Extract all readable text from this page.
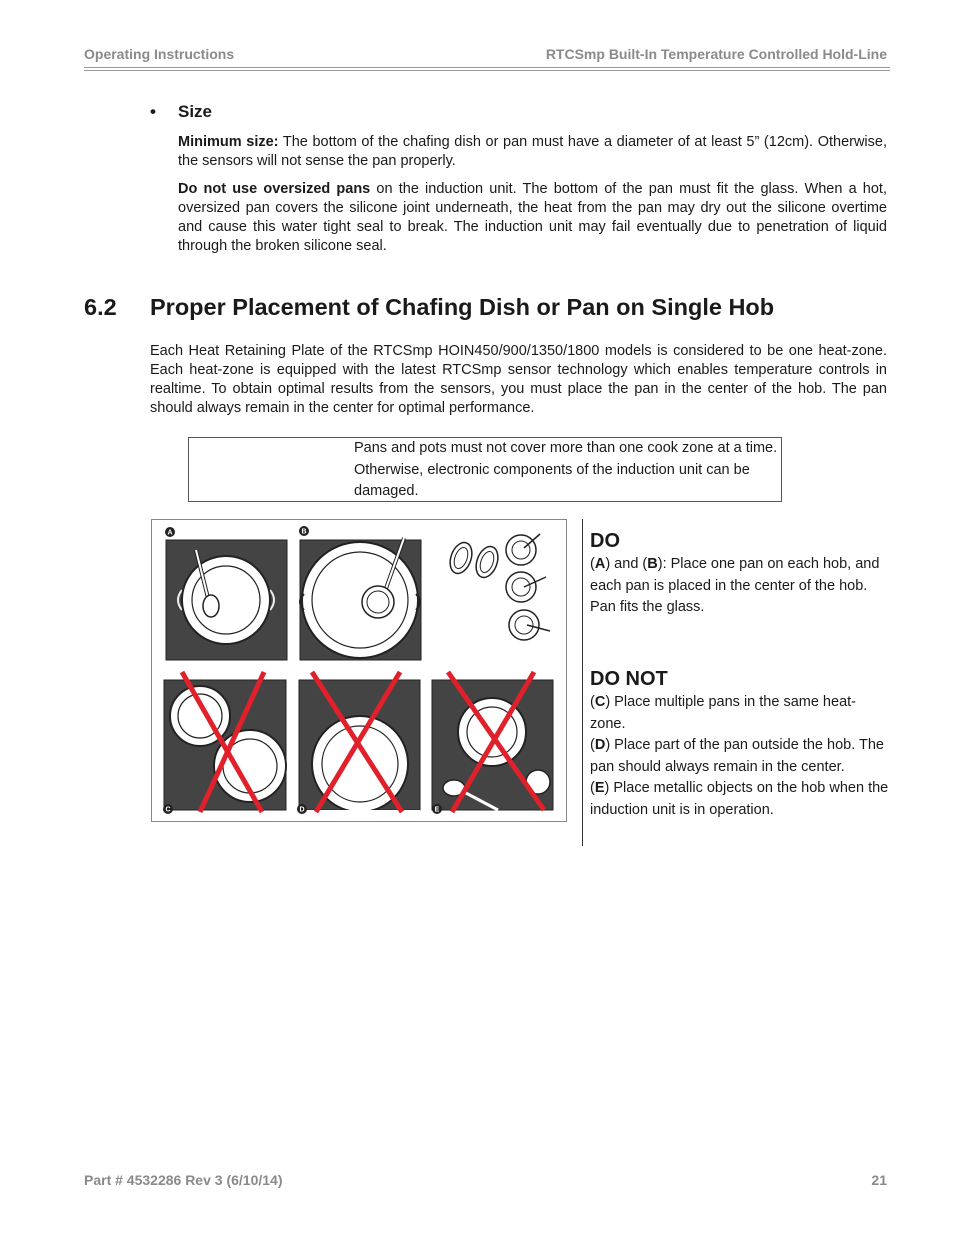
Operating Instructions	RTCSmp Built-In Temperature Controlled Hold-Line
• Size

Minimum size: The bottom of the chafing dish or pan must have a diameter of at least 5” (12cm). Otherwise, the sensors will not sense the pan properly.

Do not use oversized pans on the induction unit. The bottom of the pan must fit the glass. When a hot, oversized pan covers the silicone joint underneath, the heat from the pan may dry out the silicone overtime and cause this water tight seal to break. The induction unit may fail eventually due to penetration of liquid through the broken silicone seal.

6.2 Proper Placement of Chafing Dish or Pan on Single Hob

Each Heat Retaining Plate of the RTCSmp HOIN450/900/1350/1800 models is considered to be one heat-zone. Each heat-zone is equipped with the latest RTCSmp sensor technology which enables temperature controls in realtime. To obtain optimal results from the sensors, you must place the pan in the center of the hob. The pan should always remain in the center for optimal performance.

Pans and pots must not cover more than one cook zone at a time. Otherwise, electronic components of the induction unit can be damaged.
A	B
C	D	E
DO
(A) and (B): Place one pan on each hob, and each pan is placed in the center of the hob. Pan fits the glass.
DO NOT
(C) Place multiple pans in the same heat-zone.
(D) Place part of the pan outside the hob. The pan should always remain in the center.
(E) Place metallic objects on the hob when the induction unit is in operation.
Part # 4532286 Rev 3 (6/10/14)	21
